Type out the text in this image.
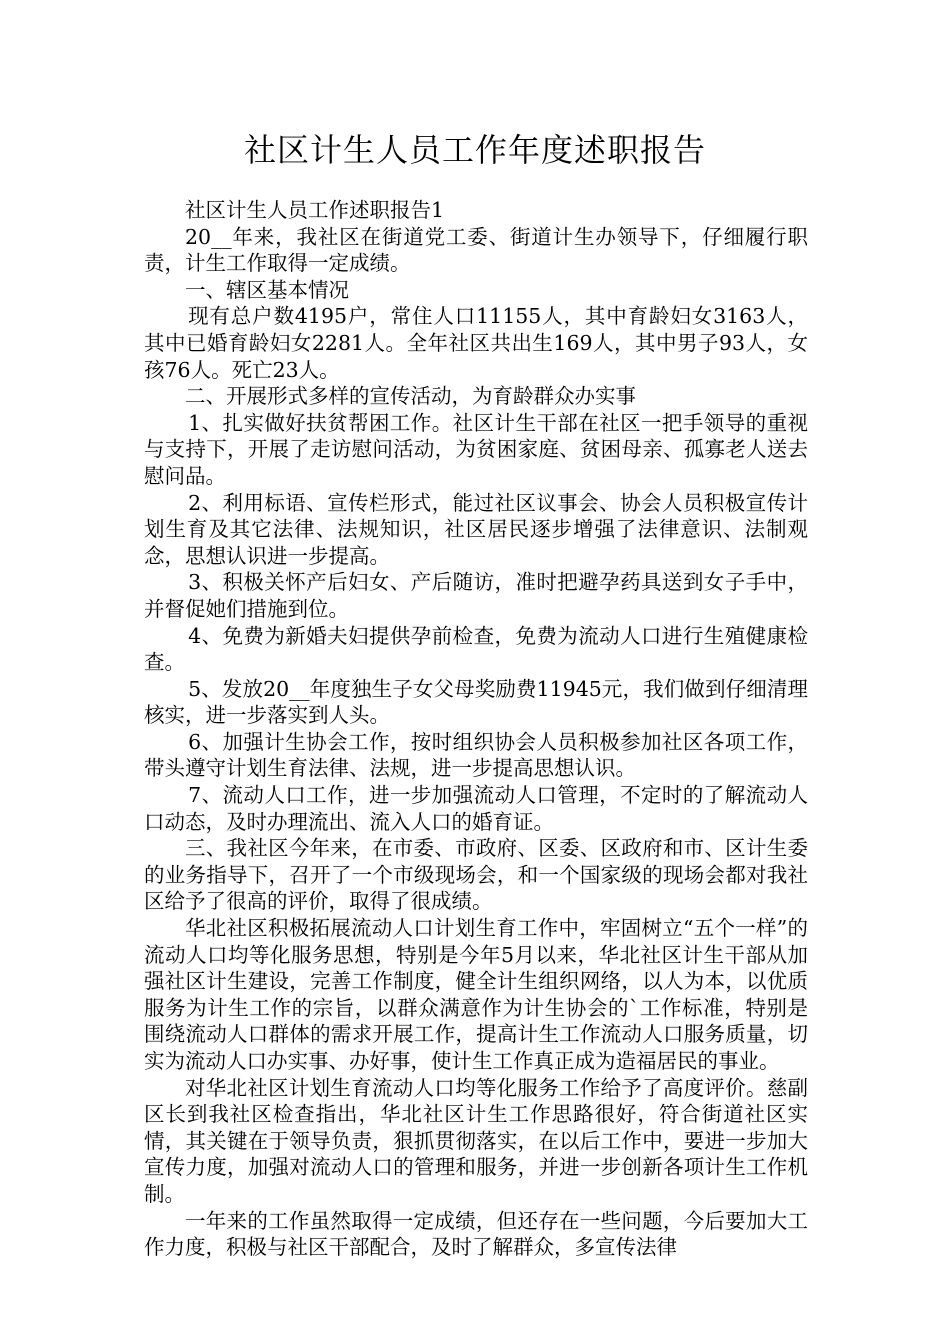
社区计生人员工作年度述职报告

社区计生人员工作述职报告1

20__年来，我社区在街道党工委、街道计生办领导下，仔细履行职责，计生工作取得一定成绩。

一、辖区基本情况

现有总户数4195户，常住人口11155人，其中育龄妇女3163人，其中已婚育龄妇女2281人。全年社区共出生169人，其中男子93人，女孩76人。死亡23人。

二、开展形式多样的宣传活动，为育龄群众办实事

1、扎实做好扶贫帮困工作。社区计生干部在社区一把手领导的重视与支持下，开展了走访慰问活动，为贫困家庭、贫困母亲、孤寡老人送去慰问品。

2、利用标语、宣传栏形式，能过社区议事会、协会人员积极宣传计划生育及其它法律、法规知识，社区居民逐步增强了法律意识、法制观念，思想认识进一步提高。

3、积极关怀产后妇女、产后随访，准时把避孕药具送到女子手中，并督促她们措施到位。

4、免费为新婚夫妇提供孕前检查，免费为流动人口进行生殖健康检查。

5、发放20__年度独生子女父母奖励费11945元，我们做到仔细清理核实，进一步落实到人头。

6、加强计生协会工作，按时组织协会人员积极参加社区各项工作，带头遵守计划生育法律、法规，进一步提高思想认识。

7、流动人口工作，进一步加强流动人口管理，不定时的了解流动人口动态，及时办理流出、流入人口的婚育证。

三、我社区今年来，在市委、市政府、区委、区政府和市、区计生委的业务指导下，召开了一个市级现场会，和一个国家级的现场会都对我社区给予了很高的评价，取得了很成绩。

华北社区积极拓展流动人口计划生育工作中，牢固树立“五个一样”的流动人口均等化服务思想，特别是今年5月以来，华北社区计生干部从加强社区计生建设，完善工作制度，健全计生组织网络，以人为本，以优质服务为计生工作的宗旨，以群众满意作为计生协会的`工作标准，特别是围绕流动人口群体的需求开展工作，提高计生工作流动人口服务质量，切实为流动人口办实事、办好事，使计生工作真正成为造福居民的事业。

对华北社区计划生育流动人口均等化服务工作给予了高度评价。慈副区长到我社区检查指出，华北社区计生工作思路很好，符合街道社区实情，其关键在于领导负责，狠抓贯彻落实，在以后工作中，要进一步加大宣传力度，加强对流动人口的管理和服务，并进一步创新各项计生工作机制。

一年来的工作虽然取得一定成绩，但还存在一些问题，今后要加大工作力度，积极与社区干部配合，及时了解群众，多宣传法律
